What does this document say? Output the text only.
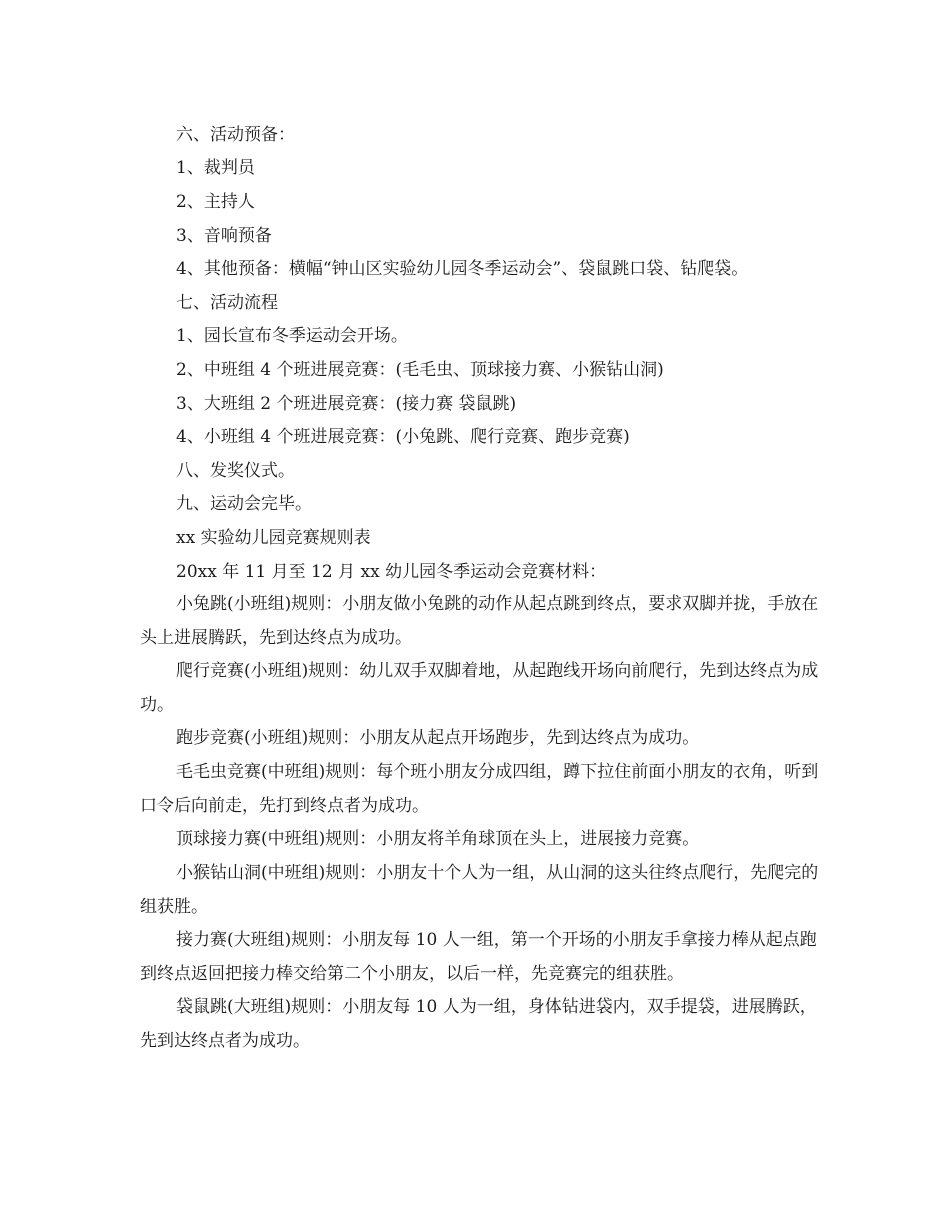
六、活动预备：
1、裁判员
2、主持人
3、音响预备
4、其他预备：横幅“钟山区实验幼儿园冬季运动会”、袋鼠跳口袋、钻爬袋。
七、活动流程
1、园长宣布冬季运动会开场。
2、中班组 4 个班进展竞赛：(毛毛虫、顶球接力赛、小猴钻山洞)
3、大班组 2 个班进展竞赛：(接力赛 袋鼠跳)
4、小班组 4 个班进展竞赛：(小兔跳、爬行竞赛、跑步竞赛)
八、发奖仪式。
九、运动会完毕。
xx 实验幼儿园竞赛规则表
20xx 年 11 月至 12 月 xx 幼儿园冬季运动会竞赛材料：
小兔跳(小班组)规则：小朋友做小兔跳的动作从起点跳到终点，要求双脚并拢，手放在头上进展腾跃，先到达终点为成功。
爬行竞赛(小班组)规则：幼儿双手双脚着地，从起跑线开场向前爬行，先到达终点为成功。
跑步竞赛(小班组)规则：小朋友从起点开场跑步，先到达终点为成功。
毛毛虫竞赛(中班组)规则：每个班小朋友分成四组，蹲下拉住前面小朋友的衣角，听到口令后向前走，先打到终点者为成功。
顶球接力赛(中班组)规则：小朋友将羊角球顶在头上，进展接力竞赛。
小猴钻山洞(中班组)规则：小朋友十个人为一组，从山洞的这头往终点爬行，先爬完的组获胜。
接力赛(大班组)规则：小朋友每 10 人一组，第一个开场的小朋友手拿接力棒从起点跑到终点返回把接力棒交给第二个小朋友，以后一样，先竞赛完的组获胜。
袋鼠跳(大班组)规则：小朋友每 10 人为一组，身体钻进袋内，双手提袋，进展腾跃，先到达终点者为成功。
